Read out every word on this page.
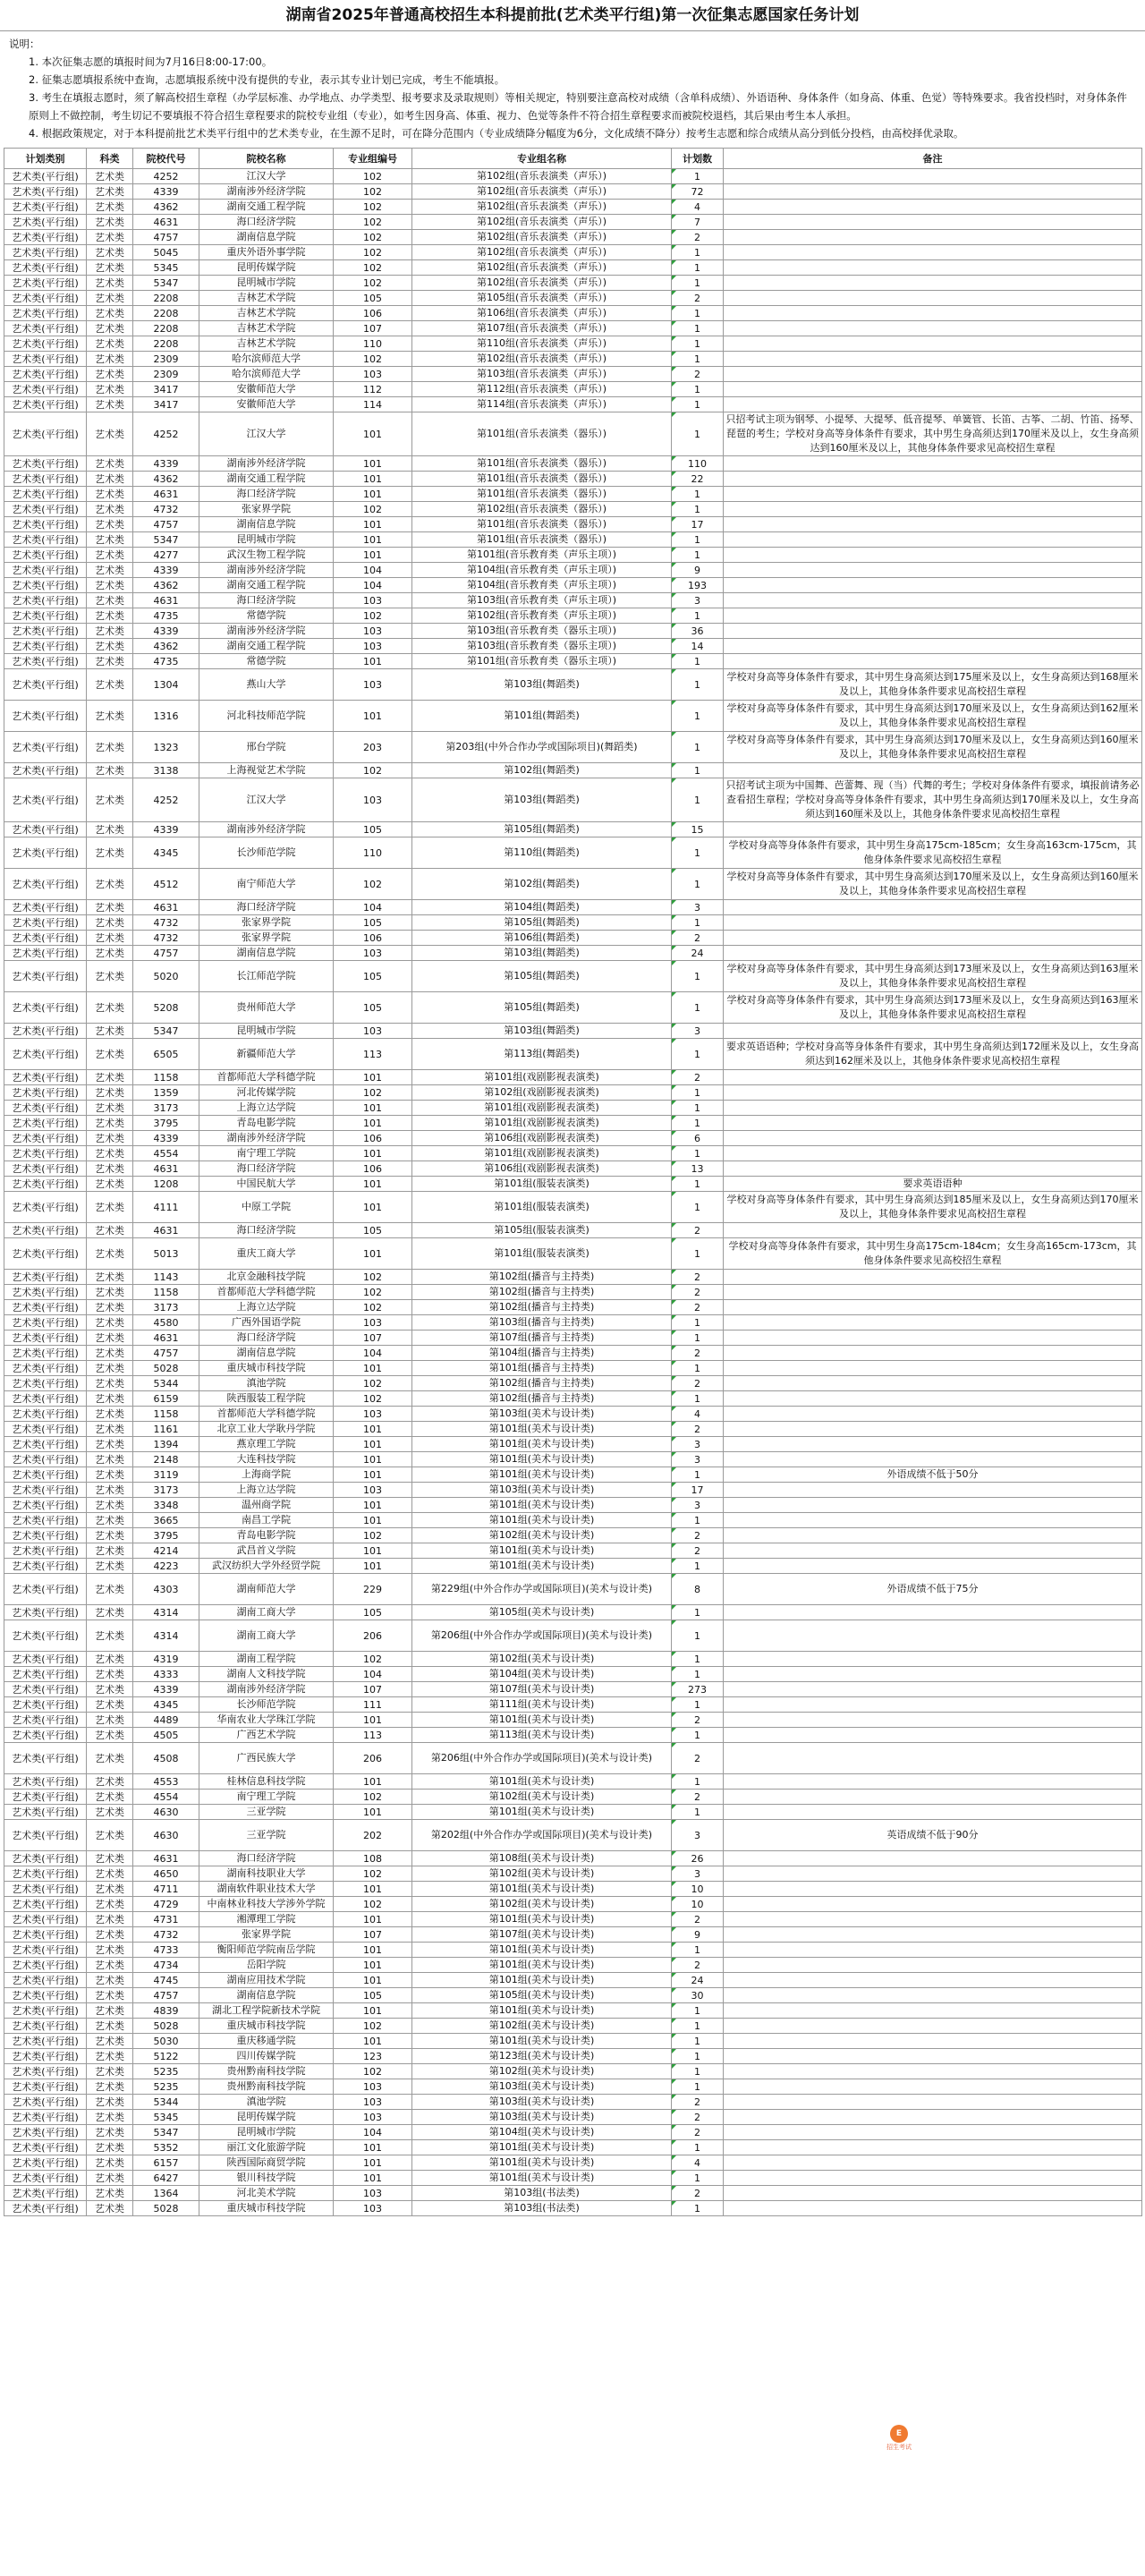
湖南省2025年普通高校招生本科提前批(艺术类平行组)第一次征集志愿国家任务计划
说明：
1. 本次征集志愿的填报时间为7月16日8:00-17:00。
2. 征集志愿填报系统中查询，志愿填报系统中没有提供的专业，表示其专业计划已完成，考生不能填报。
3. 考生在填报志愿时，须了解高校招生章程（办学层标准、办学地点、办学类型、报考要求及录取规则）等相关规定，特别要注意高校对成绩（含单科成绩）、外语语种、身体条件（如身高、体重、色觉）等特殊要求。我省投档时，对身体条件原则上不做控制，考生切记不要填报不符合招生章程要求的院校专业组（专业），如考生因身高、体重、视力、色觉等条件不符合招生章程要求而被院校退档，其后果由考生本人承担。
4. 根据政策规定，对于本科提前批艺术类平行组中的艺术类专业，在生源不足时，可在降分范围内（专业成绩降分幅度为6分，文化成绩不降分）按考生志愿和综合成绩从高分到低分投档，由高校择优录取。
计划类别	科类	院校代号	院校名称	专业组编号	专业组名称	计划数	备注
艺术类(平行组)	艺术类	4252	江汉大学	102	第102组(音乐表演类（声乐）)	1	
艺术类(平行组)	艺术类	4339	湖南涉外经济学院	102	第102组(音乐表演类（声乐）)	72	
艺术类(平行组)	艺术类	4362	湖南交通工程学院	102	第102组(音乐表演类（声乐）)	4	
艺术类(平行组)	艺术类	4631	海口经济学院	102	第102组(音乐表演类（声乐）)	7	
艺术类(平行组)	艺术类	4757	湖南信息学院	102	第102组(音乐表演类（声乐）)	2	
艺术类(平行组)	艺术类	5045	重庆外语外事学院	102	第102组(音乐表演类（声乐）)	1	
艺术类(平行组)	艺术类	5345	昆明传媒学院	102	第102组(音乐表演类（声乐）)	1	
艺术类(平行组)	艺术类	5347	昆明城市学院	102	第102组(音乐表演类（声乐）)	1	
艺术类(平行组)	艺术类	2208	吉林艺术学院	105	第105组(音乐表演类（声乐）)	2	
艺术类(平行组)	艺术类	2208	吉林艺术学院	106	第106组(音乐表演类（声乐）)	1	
艺术类(平行组)	艺术类	2208	吉林艺术学院	107	第107组(音乐表演类（声乐）)	1	
艺术类(平行组)	艺术类	2208	吉林艺术学院	110	第110组(音乐表演类（声乐）)	1	
艺术类(平行组)	艺术类	2309	哈尔滨师范大学	102	第102组(音乐表演类（声乐）)	1	
艺术类(平行组)	艺术类	2309	哈尔滨师范大学	103	第103组(音乐表演类（声乐）)	2	
艺术类(平行组)	艺术类	3417	安徽师范大学	112	第112组(音乐表演类（声乐）)	1	
艺术类(平行组)	艺术类	3417	安徽师范大学	114	第114组(音乐表演类（声乐）)	1	
艺术类(平行组)	艺术类	4252	江汉大学	101	第101组(音乐表演类（器乐）)	1	只招考试主项为钢琴、小提琴、大提琴、低音提琴、单簧管、长笛、古筝、二胡、竹笛、扬琴、琵琶的考生；学校对身高等身体条件有要求，其中男生身高须达到170厘米及以上，女生身高须达到160厘米及以上，其他身体条件要求见高校招生章程
艺术类(平行组)	艺术类	4339	湖南涉外经济学院	101	第101组(音乐表演类（器乐）)	110	
艺术类(平行组)	艺术类	4362	湖南交通工程学院	101	第101组(音乐表演类（器乐）)	22	
艺术类(平行组)	艺术类	4631	海口经济学院	101	第101组(音乐表演类（器乐）)	1	
艺术类(平行组)	艺术类	4732	张家界学院	102	第102组(音乐表演类（器乐）)	1	
艺术类(平行组)	艺术类	4757	湖南信息学院	101	第101组(音乐表演类（器乐）)	17	
艺术类(平行组)	艺术类	5347	昆明城市学院	101	第101组(音乐表演类（器乐）)	1	
艺术类(平行组)	艺术类	4277	武汉生物工程学院	101	第101组(音乐教育类（声乐主项）)	1	
艺术类(平行组)	艺术类	4339	湖南涉外经济学院	104	第104组(音乐教育类（声乐主项）)	9	
艺术类(平行组)	艺术类	4362	湖南交通工程学院	104	第104组(音乐教育类（声乐主项）)	193	
艺术类(平行组)	艺术类	4631	海口经济学院	103	第103组(音乐教育类（声乐主项）)	3	
艺术类(平行组)	艺术类	4735	常德学院	102	第102组(音乐教育类（声乐主项）)	1	
艺术类(平行组)	艺术类	4339	湖南涉外经济学院	103	第103组(音乐教育类（器乐主项）)	36	
艺术类(平行组)	艺术类	4362	湖南交通工程学院	103	第103组(音乐教育类（器乐主项）)	14	
艺术类(平行组)	艺术类	4735	常德学院	101	第101组(音乐教育类（器乐主项）)	1	
艺术类(平行组)	艺术类	1304	燕山大学	103	第103组(舞蹈类)	1	学校对身高等身体条件有要求，其中男生身高须达到175厘米及以上，女生身高须达到168厘米及以上，其他身体条件要求见高校招生章程
艺术类(平行组)	艺术类	1316	河北科技师范学院	101	第101组(舞蹈类)	1	学校对身高等身体条件有要求，其中男生身高须达到170厘米及以上，女生身高须达到162厘米及以上，其他身体条件要求见高校招生章程
艺术类(平行组)	艺术类	1323	邢台学院	203	第203组(中外合作办学或国际项目)(舞蹈类)	1	学校对身高等身体条件有要求，其中男生身高须达到170厘米及以上，女生身高须达到160厘米及以上，其他身体条件要求见高校招生章程
艺术类(平行组)	艺术类	3138	上海视觉艺术学院	102	第102组(舞蹈类)	1	
艺术类(平行组)	艺术类	4252	江汉大学	103	第103组(舞蹈类)	1	只招考试主项为中国舞、芭蕾舞、现（当）代舞的考生；学校对身体条件有要求，填报前请务必查看招生章程；学校对身高等身体条件有要求，其中男生身高须达到170厘米及以上，女生身高须达到160厘米及以上，其他身体条件要求见高校招生章程
艺术类(平行组)	艺术类	4339	湖南涉外经济学院	105	第105组(舞蹈类)	15	
艺术类(平行组)	艺术类	4345	长沙师范学院	110	第110组(舞蹈类)	1	学校对身高等身体条件有要求，其中男生身高175cm-185cm；女生身高163cm-175cm，其他身体条件要求见高校招生章程
艺术类(平行组)	艺术类	4512	南宁师范大学	102	第102组(舞蹈类)	1	学校对身高等身体条件有要求，其中男生身高须达到170厘米及以上，女生身高须达到160厘米及以上，其他身体条件要求见高校招生章程
艺术类(平行组)	艺术类	4631	海口经济学院	104	第104组(舞蹈类)	3	
艺术类(平行组)	艺术类	4732	张家界学院	105	第105组(舞蹈类)	1	
艺术类(平行组)	艺术类	4732	张家界学院	106	第106组(舞蹈类)	2	
艺术类(平行组)	艺术类	4757	湖南信息学院	103	第103组(舞蹈类)	24	
艺术类(平行组)	艺术类	5020	长江师范学院	105	第105组(舞蹈类)	1	学校对身高等身体条件有要求，其中男生身高须达到173厘米及以上，女生身高须达到163厘米及以上，其他身体条件要求见高校招生章程
艺术类(平行组)	艺术类	5208	贵州师范大学	105	第105组(舞蹈类)	1	学校对身高等身体条件有要求，其中男生身高须达到173厘米及以上，女生身高须达到163厘米及以上，其他身体条件要求见高校招生章程
艺术类(平行组)	艺术类	5347	昆明城市学院	103	第103组(舞蹈类)	3	
艺术类(平行组)	艺术类	6505	新疆师范大学	113	第113组(舞蹈类)	1	要求英语语种；学校对身高等身体条件有要求，其中男生身高须达到172厘米及以上，女生身高须达到162厘米及以上，其他身体条件要求见高校招生章程
艺术类(平行组)	艺术类	1158	首都师范大学科德学院	101	第101组(戏剧影视表演类)	2	
艺术类(平行组)	艺术类	1359	河北传媒学院	102	第102组(戏剧影视表演类)	1	
艺术类(平行组)	艺术类	3173	上海立达学院	101	第101组(戏剧影视表演类)	1	
艺术类(平行组)	艺术类	3795	青岛电影学院	101	第101组(戏剧影视表演类)	1	
艺术类(平行组)	艺术类	4339	湖南涉外经济学院	106	第106组(戏剧影视表演类)	6	
艺术类(平行组)	艺术类	4554	南宁理工学院	101	第101组(戏剧影视表演类)	1	
艺术类(平行组)	艺术类	4631	海口经济学院	106	第106组(戏剧影视表演类)	13	
艺术类(平行组)	艺术类	1208	中国民航大学	101	第101组(服装表演类)	1	要求英语语种
艺术类(平行组)	艺术类	4111	中原工学院	101	第101组(服装表演类)	1	学校对身高等身体条件有要求，其中男生身高须达到185厘米及以上，女生身高须达到170厘米及以上，其他身体条件要求见高校招生章程
艺术类(平行组)	艺术类	4631	海口经济学院	105	第105组(服装表演类)	2	
艺术类(平行组)	艺术类	5013	重庆工商大学	101	第101组(服装表演类)	1	学校对身高等身体条件有要求，其中男生身高175cm-184cm；女生身高165cm-173cm，其他身体条件要求见高校招生章程
艺术类(平行组)	艺术类	1143	北京金融科技学院	102	第102组(播音与主持类)	2	
艺术类(平行组)	艺术类	1158	首都师范大学科德学院	102	第102组(播音与主持类)	2	
艺术类(平行组)	艺术类	3173	上海立达学院	102	第102组(播音与主持类)	2	
艺术类(平行组)	艺术类	4580	广西外国语学院	103	第103组(播音与主持类)	1	
艺术类(平行组)	艺术类	4631	海口经济学院	107	第107组(播音与主持类)	1	
艺术类(平行组)	艺术类	4757	湖南信息学院	104	第104组(播音与主持类)	2	
艺术类(平行组)	艺术类	5028	重庆城市科技学院	101	第101组(播音与主持类)	1	
艺术类(平行组)	艺术类	5344	滇池学院	102	第102组(播音与主持类)	2	
艺术类(平行组)	艺术类	6159	陕西服装工程学院	102	第102组(播音与主持类)	1	
艺术类(平行组)	艺术类	1158	首都师范大学科德学院	103	第103组(美术与设计类)	4	
艺术类(平行组)	艺术类	1161	北京工业大学耿丹学院	101	第101组(美术与设计类)	2	
艺术类(平行组)	艺术类	1394	燕京理工学院	101	第101组(美术与设计类)	3	
艺术类(平行组)	艺术类	2148	大连科技学院	101	第101组(美术与设计类)	3	
艺术类(平行组)	艺术类	3119	上海商学院	101	第101组(美术与设计类)	1	外语成绩不低于50分
艺术类(平行组)	艺术类	3173	上海立达学院	103	第103组(美术与设计类)	17	
艺术类(平行组)	艺术类	3348	温州商学院	101	第101组(美术与设计类)	3	
艺术类(平行组)	艺术类	3665	南昌工学院	101	第101组(美术与设计类)	1	
艺术类(平行组)	艺术类	3795	青岛电影学院	102	第102组(美术与设计类)	2	
艺术类(平行组)	艺术类	4214	武昌首义学院	101	第101组(美术与设计类)	2	
艺术类(平行组)	艺术类	4223	武汉纺织大学外经贸学院	101	第101组(美术与设计类)	1	
艺术类(平行组)	艺术类	4303	湖南师范大学	229	第229组(中外合作办学或国际项目)(美术与设计类)	8	外语成绩不低于75分
艺术类(平行组)	艺术类	4314	湖南工商大学	105	第105组(美术与设计类)	1	
艺术类(平行组)	艺术类	4314	湖南工商大学	206	第206组(中外合作办学或国际项目)(美术与设计类)	1	
艺术类(平行组)	艺术类	4319	湖南工程学院	102	第102组(美术与设计类)	1	
艺术类(平行组)	艺术类	4333	湖南人文科技学院	104	第104组(美术与设计类)	1	
艺术类(平行组)	艺术类	4339	湖南涉外经济学院	107	第107组(美术与设计类)	273	
艺术类(平行组)	艺术类	4345	长沙师范学院	111	第111组(美术与设计类)	1	
艺术类(平行组)	艺术类	4489	华南农业大学珠江学院	101	第101组(美术与设计类)	2	
艺术类(平行组)	艺术类	4505	广西艺术学院	113	第113组(美术与设计类)	1	
艺术类(平行组)	艺术类	4508	广西民族大学	206	第206组(中外合作办学或国际项目)(美术与设计类)	2	
艺术类(平行组)	艺术类	4553	桂林信息科技学院	101	第101组(美术与设计类)	1	
艺术类(平行组)	艺术类	4554	南宁理工学院	102	第102组(美术与设计类)	2	
艺术类(平行组)	艺术类	4630	三亚学院	101	第101组(美术与设计类)	1	
艺术类(平行组)	艺术类	4630	三亚学院	202	第202组(中外合作办学或国际项目)(美术与设计类)	3	英语成绩不低于90分
艺术类(平行组)	艺术类	4631	海口经济学院	108	第108组(美术与设计类)	26	
艺术类(平行组)	艺术类	4650	湖南科技职业大学	102	第102组(美术与设计类)	3	
艺术类(平行组)	艺术类	4711	湖南软件职业技术大学	101	第101组(美术与设计类)	10	
艺术类(平行组)	艺术类	4729	中南林业科技大学涉外学院	102	第102组(美术与设计类)	10	
艺术类(平行组)	艺术类	4731	湘潭理工学院	101	第101组(美术与设计类)	2	
艺术类(平行组)	艺术类	4732	张家界学院	107	第107组(美术与设计类)	9	
艺术类(平行组)	艺术类	4733	衡阳师范学院南岳学院	101	第101组(美术与设计类)	1	
艺术类(平行组)	艺术类	4734	岳阳学院	101	第101组(美术与设计类)	2	
艺术类(平行组)	艺术类	4745	湖南应用技术学院	101	第101组(美术与设计类)	24	
艺术类(平行组)	艺术类	4757	湖南信息学院	105	第105组(美术与设计类)	30	
艺术类(平行组)	艺术类	4839	湖北工程学院新技术学院	101	第101组(美术与设计类)	1	
艺术类(平行组)	艺术类	5028	重庆城市科技学院	102	第102组(美术与设计类)	1	
艺术类(平行组)	艺术类	5030	重庆移通学院	101	第101组(美术与设计类)	1	
艺术类(平行组)	艺术类	5122	四川传媒学院	123	第123组(美术与设计类)	1	
艺术类(平行组)	艺术类	5235	贵州黔南科技学院	102	第102组(美术与设计类)	1	
艺术类(平行组)	艺术类	5235	贵州黔南科技学院	103	第103组(美术与设计类)	1	
艺术类(平行组)	艺术类	5344	滇池学院	103	第103组(美术与设计类)	2	
艺术类(平行组)	艺术类	5345	昆明传媒学院	103	第103组(美术与设计类)	2	
艺术类(平行组)	艺术类	5347	昆明城市学院	104	第104组(美术与设计类)	2	
艺术类(平行组)	艺术类	5352	丽江文化旅游学院	101	第101组(美术与设计类)	1	
艺术类(平行组)	艺术类	6157	陕西国际商贸学院	101	第101组(美术与设计类)	4	
艺术类(平行组)	艺术类	6427	银川科技学院	101	第101组(美术与设计类)	1	
艺术类(平行组)	艺术类	1364	河北美术学院	103	第103组(书法类)	2	
艺术类(平行组)	艺术类	5028	重庆城市科技学院	103	第103组(书法类)	1	
E
招生考试
